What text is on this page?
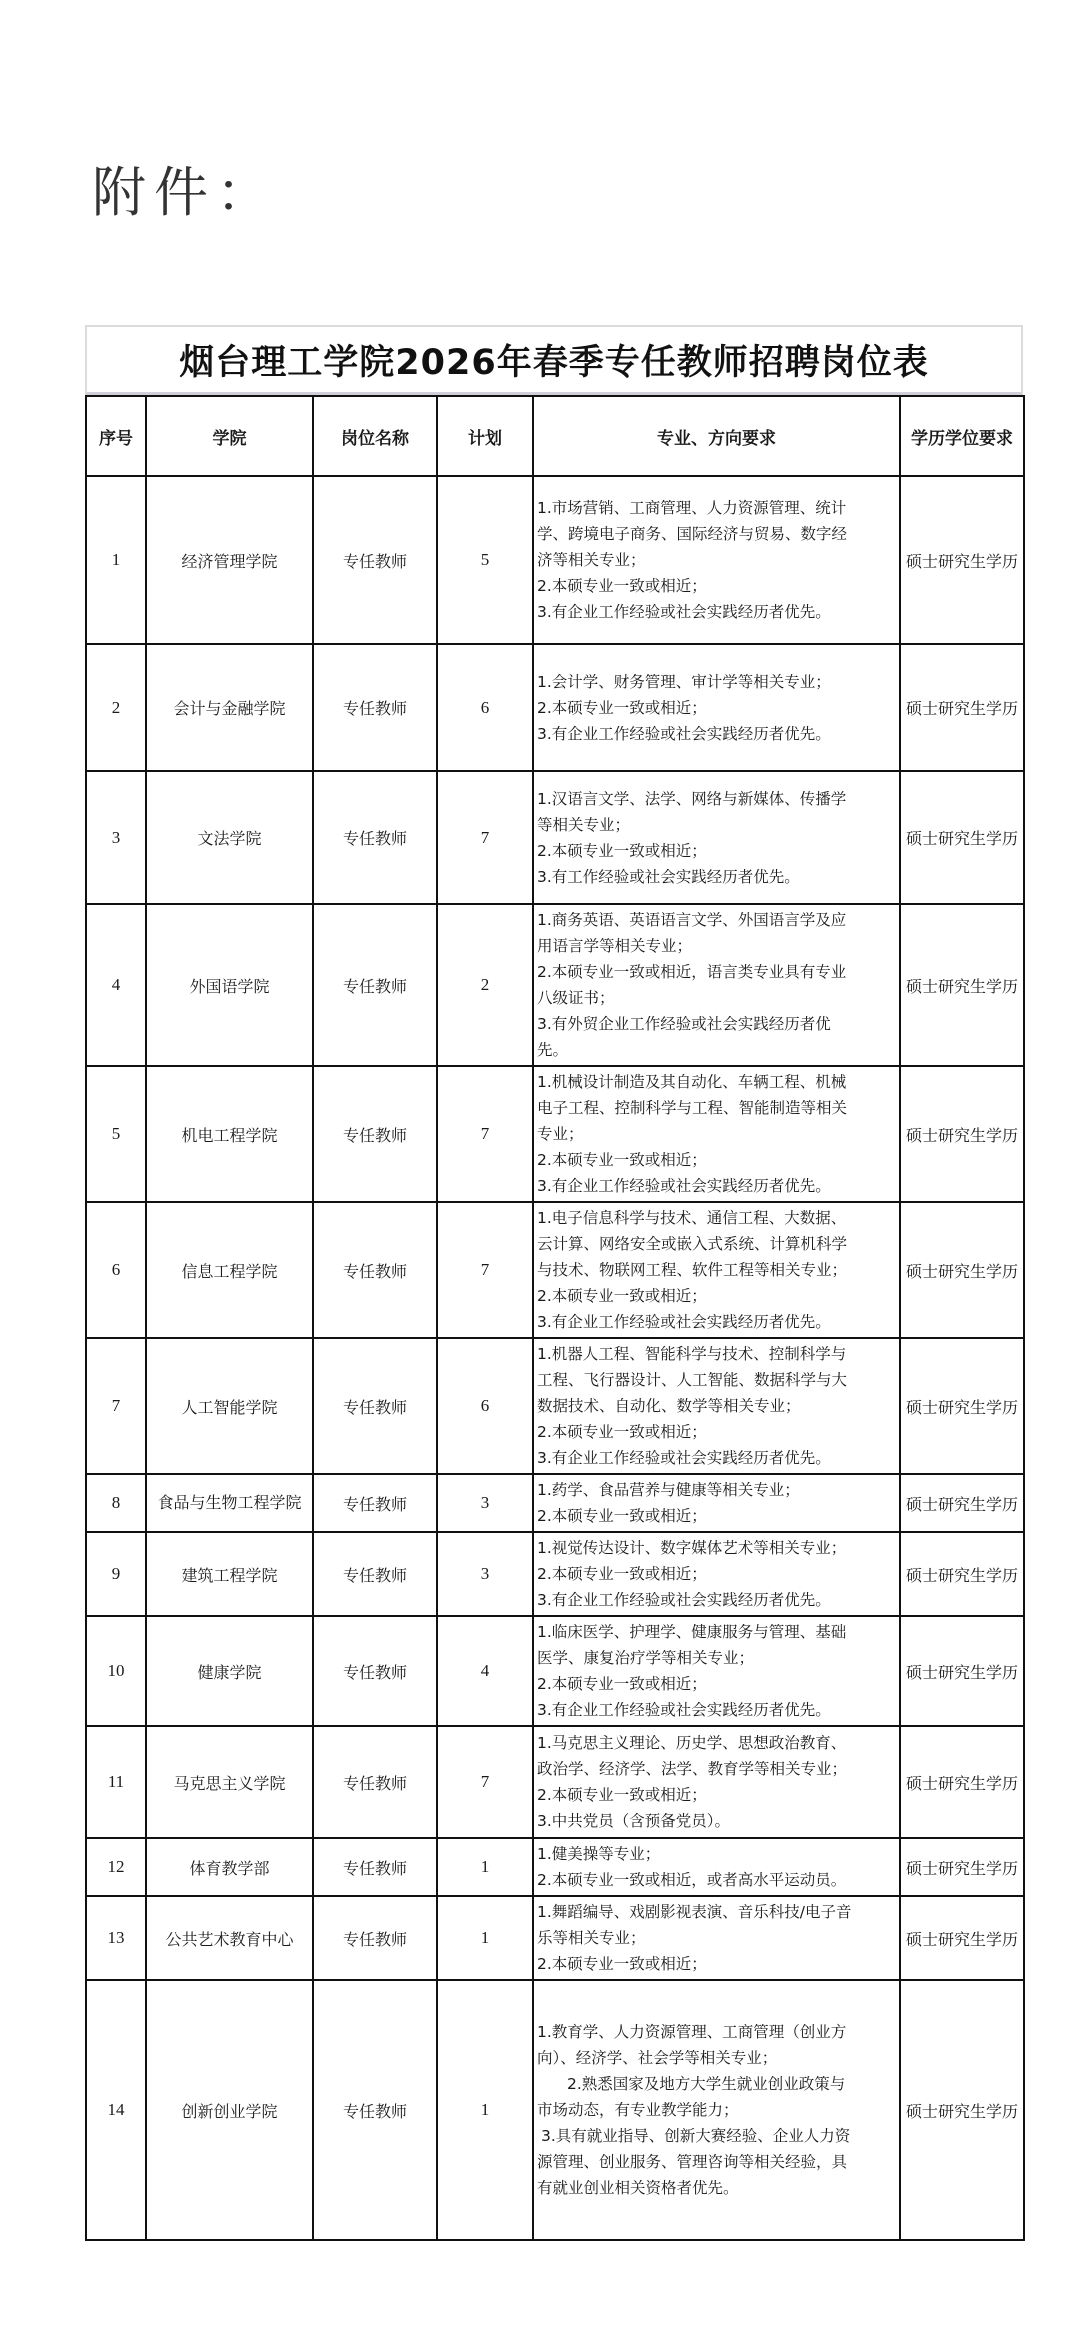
附件：
烟台理工学院2026年春季专任教师招聘岗位表
序号	学院	岗位名称	计划	专业、方向要求	学历学位要求
1	经济管理学院	专任教师	5	1.市场营销、工商管理、人力资源管理、统计
学、跨境电子商务、国际经济与贸易、数字经
济等相关专业；
2.本硕专业一致或相近；
3.有企业工作经验或社会实践经历者优先。	硕士研究生学历
2	会计与金融学院	专任教师	6	1.会计学、财务管理、审计学等相关专业；
2.本硕专业一致或相近；
3.有企业工作经验或社会实践经历者优先。	硕士研究生学历
3	文法学院	专任教师	7	1.汉语言文学、法学、网络与新媒体、传播学
等相关专业；
2.本硕专业一致或相近；
3.有工作经验或社会实践经历者优先。	硕士研究生学历
4	外国语学院	专任教师	2	
1.商务英语、英语语言文学、外国语言学及应
用语言学等相关专业；
2.本硕专业一致或相近，语言类专业具有专业
八级证书；
3.有外贸企业工作经验或社会实践经历者优
先。
	硕士研究生学历
5	机电工程学院	专任教师	7	1.机械设计制造及其自动化、车辆工程、机械
电子工程、控制科学与工程、智能制造等相关
专业；
2.本硕专业一致或相近；
3.有企业工作经验或社会实践经历者优先。	硕士研究生学历
6	信息工程学院	专任教师	7	1.电子信息科学与技术、通信工程、大数据、
云计算、网络安全或嵌入式系统、计算机科学
与技术、物联网工程、软件工程等相关专业；
2.本硕专业一致或相近；
3.有企业工作经验或社会实践经历者优先。	硕士研究生学历
7	人工智能学院	专任教师	6	1.机器人工程、智能科学与技术、控制科学与
工程、飞行器设计、人工智能、数据科学与大
数据技术、自动化、数学等相关专业；
2.本硕专业一致或相近；
3.有企业工作经验或社会实践经历者优先。	硕士研究生学历
8	食品与生物工程学院	专任教师	3	1.药学、食品营养与健康等相关专业；
2.本硕专业一致或相近；	硕士研究生学历
9	建筑工程学院	专任教师	3	1.视觉传达设计、数字媒体艺术等相关专业；
2.本硕专业一致或相近；
3.有企业工作经验或社会实践经历者优先。	硕士研究生学历
10	健康学院	专任教师	4	1.临床医学、护理学、健康服务与管理、基础
医学、康复治疗学等相关专业；
2.本硕专业一致或相近；
3.有企业工作经验或社会实践经历者优先。	硕士研究生学历
11	马克思主义学院	专任教师	7	1.马克思主义理论、历史学、思想政治教育、
政治学、经济学、法学、教育学等相关专业；
2.本硕专业一致或相近；
3.中共党员（含预备党员）。	硕士研究生学历
12	体育教学部	专任教师	1	1.健美操等专业；
2.本硕专业一致或相近，或者高水平运动员。	硕士研究生学历
13	公共艺术教育中心	专任教师	1	1.舞蹈编导、戏剧影视表演、音乐科技/电子音
乐等相关专业；
2.本硕专业一致或相近；	硕士研究生学历
14	创新创业学院	专任教师	1	
1.教育学、人力资源管理、工商管理（创业方
向）、经济学、社会学等相关专业；
2.熟悉国家及地方大学生就业创业政策与
市场动态，有专业教学能力；
3.具有就业指导、创新大赛经验、企业人力资
源管理、创业服务、管理咨询等相关经验，具
有就业创业相关资格者优先。
	硕士研究生学历
